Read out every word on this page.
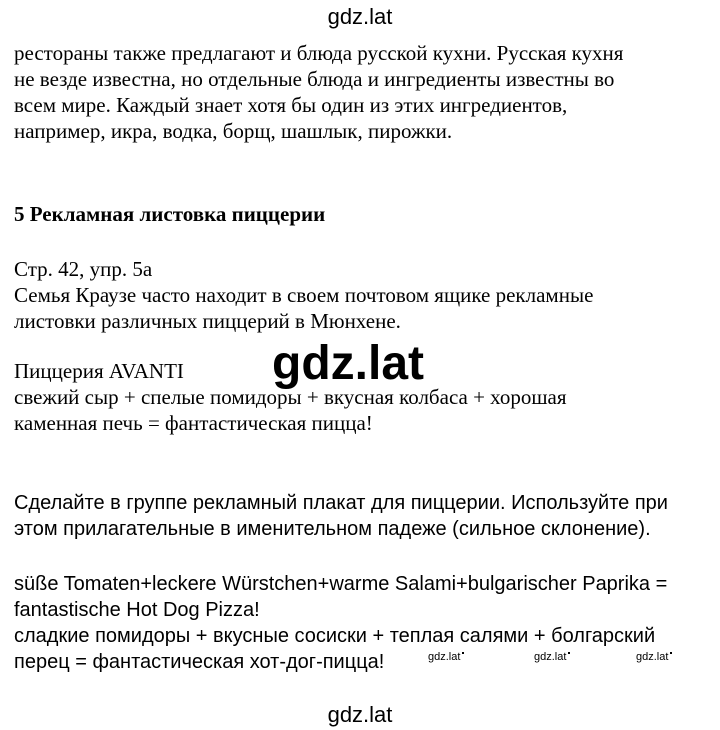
gdz.lat
рестораны также предлагают и блюда русской кухни. Русская кухня
не везде известна, но отдельные блюда и ингредиенты известны во
всем мире. Каждый знает хотя бы один из этих ингредиентов,
например, икра, водка, борщ, шашлык, пирожки.
5 Рекламная листовка пиццерии
Стр. 42, упр. 5а
Семья Краузе часто находит в своем почтовом ящике рекламные
листовки различных пиццерий в Мюнхене.
Пиццерия AVANTI
свежий сыр + спелые помидоры + вкусная колбаса + хорошая
каменная печь = фантастическая пицца!
gdz.lat
Сделайте в группе рекламный плакат для пиццерии. Используйте при
этом прилагательные в именительном падеже (сильное склонение).
süße Tomaten+leckere Würstchen+warme Salami+bulgarischer Paprika =
fantastische Hot Dog Pizza!
сладкие помидоры + вкусные сосиски + теплая салями + болгарский
перец = фантастическая хот-дог-пицца!	gdz.lat	gdz.lat	gdz.lat
gdz.lat
